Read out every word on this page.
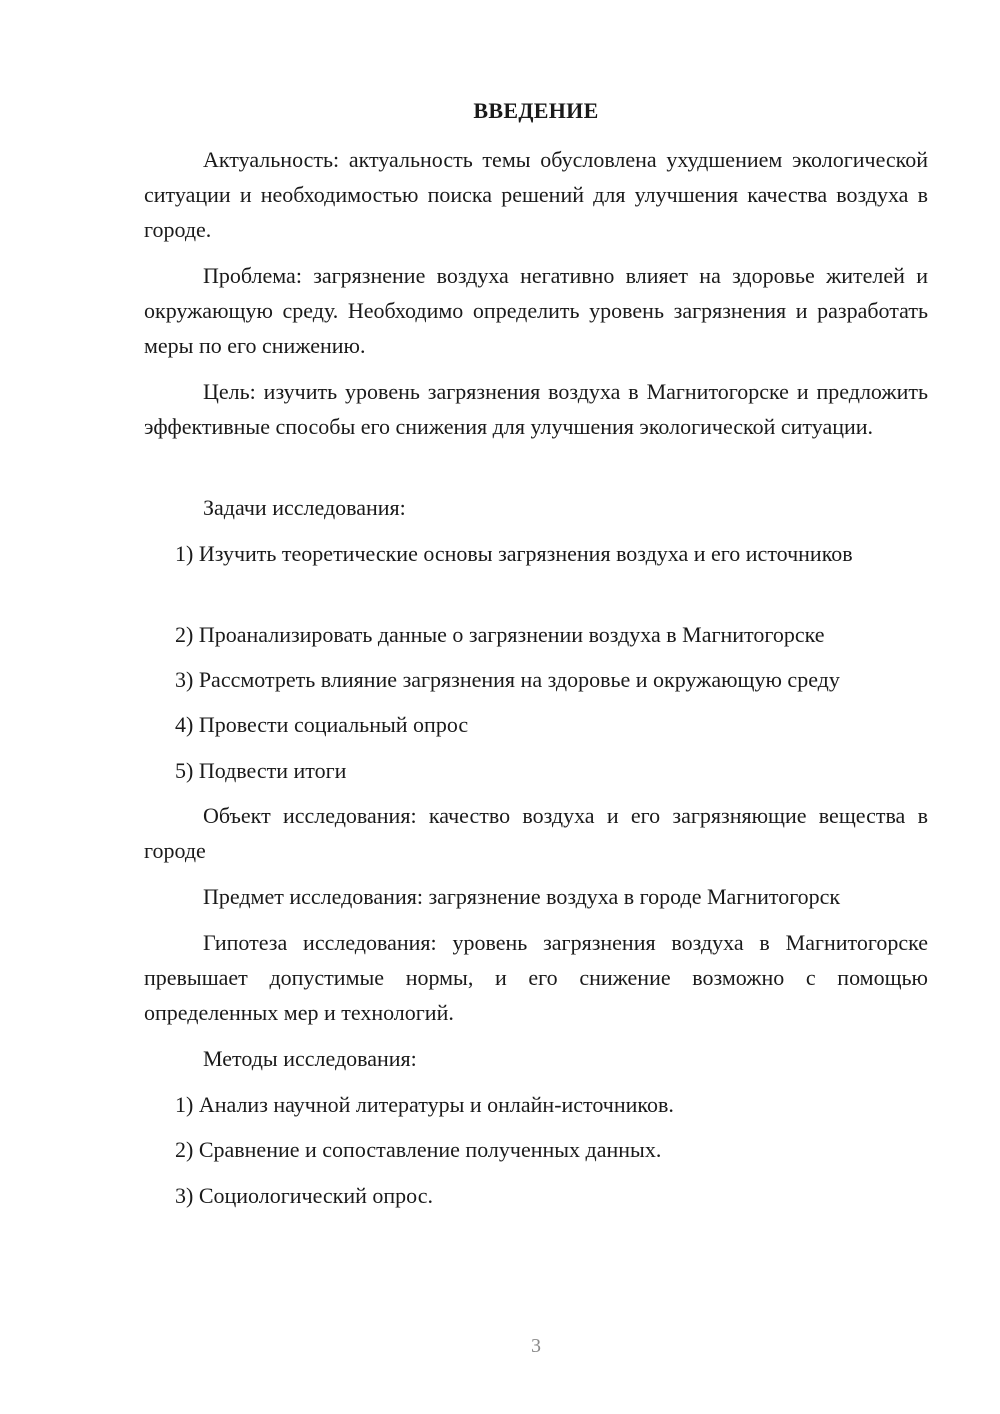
ВВЕДЕНИЕ

Актуальность: актуальность темы обусловлена ухудшением экологической ситуации и необходимостью поиска решений для улучшения качества воздуха в городе.

Проблема: загрязнение воздуха негативно влияет на здоровье жителей и окружающую среду. Необходимо определить уровень загрязнения и разработать меры по его снижению.

Цель: изучить уровень загрязнения воздуха в Магнитогорске и предложить эффективные способы его снижения для улучшения экологической ситуации.

Задачи исследования:

1) Изучить теоретические основы загрязнения воздуха и его источников

2) Проанализировать данные о загрязнении воздуха в Магнитогорске

3) Рассмотреть влияние загрязнения на здоровье и окружающую среду

4) Провести социальный опрос

5) Подвести итоги

Объект исследования: качество воздуха и его загрязняющие вещества в городе

Предмет исследования: загрязнение воздуха в городе Магнитогорск

Гипотеза исследования: уровень загрязнения воздуха в Магнитогорске превышает допустимые нормы, и его снижение возможно с помощью определенных мер и технологий.

Методы исследования:

1) Анализ научной литературы и онлайн-источников.

2) Сравнение и сопоставление полученных данных.

3) Социологический опрос.

3
